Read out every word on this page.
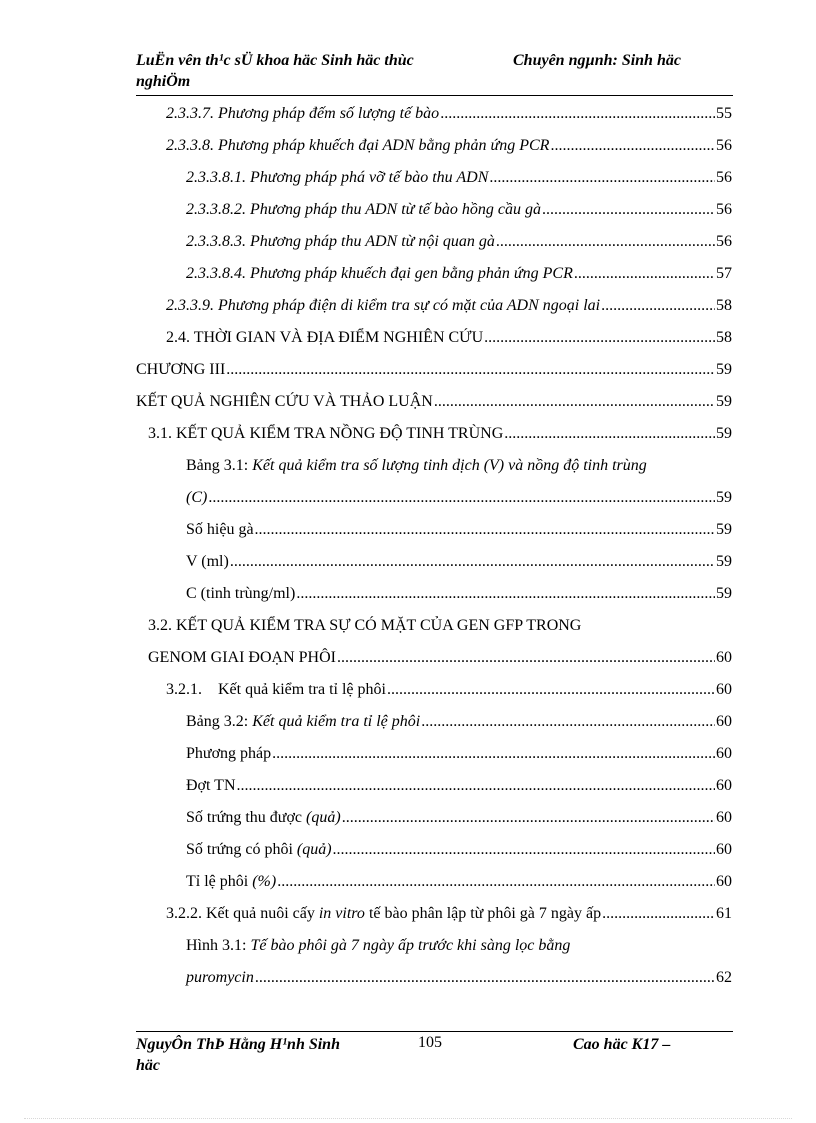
LuËn vên th¹c sÜ khoa häc Sinh häc thùc nghiÖm
Chuyên ngµnh: Sinh häc
2.3.3.7. Phương pháp đếm số lượng tế bào .....	55
2.3.3.8. Phương pháp khuếch đại ADN bằng phản ứng PCR .....	56
2.3.3.8.1. Phương pháp phá vỡ tế bào thu ADN .....	56
2.3.3.8.2. Phương pháp thu ADN từ tế bào hồng cầu gà .....	56
2.3.3.8.3. Phương pháp thu ADN từ nội quan gà .....	56
2.3.3.8.4. Phương pháp khuếch đại gen bằng phản ứng PCR .....	57
2.3.3.9. Phương pháp điện di kiểm tra sự có mặt của ADN ngoại lai .....	58
2.4. THỜI GIAN VÀ ĐỊA ĐIỂM NGHIÊN CỨU .....	58
CHƯƠNG III .....	59
KẾT QUẢ NGHIÊN CỨU VÀ THẢO LUẬN .....	59
3.1. KẾT QUẢ KIỂM TRA NỒNG ĐỘ TINH TRÙNG .....	59
Bảng 3.1: Kết quả kiểm tra số lượng tinh dịch (V) và nồng độ tinh trùng
(C) .....	59
Số hiệu gà .....	59
V (ml) .....	59
C (tinh trùng/ml) .....	59
3.2. KẾT QUẢ KIỂM TRA SỰ CÓ MẶT CỦA GEN GFP TRONG
GENOM GIAI ĐOẠN PHÔI .....	60
3.2.1.    Kết quả kiểm tra tỉ lệ phôi .....	60
Bảng 3.2: Kết quả kiểm tra tỉ lệ phôi .....	60
Phương pháp .....	60
Đợt TN .....	60
Số trứng thu được (quả) .....	60
Số trứng có phôi (quả) .....	60
Tỉ lệ phôi (%) .....	60
3.2.2. Kết quả nuôi cấy in vitro tế bào phân lập từ phôi gà 7 ngày ấp .....	61
Hình 3.1: Tế bào phôi gà 7 ngày ấp trước khi sàng lọc bằng
puromycin .....	62
NguyÔn ThÞ Hằng H¹nh Sinh häc
105	Cao häc K17 –
